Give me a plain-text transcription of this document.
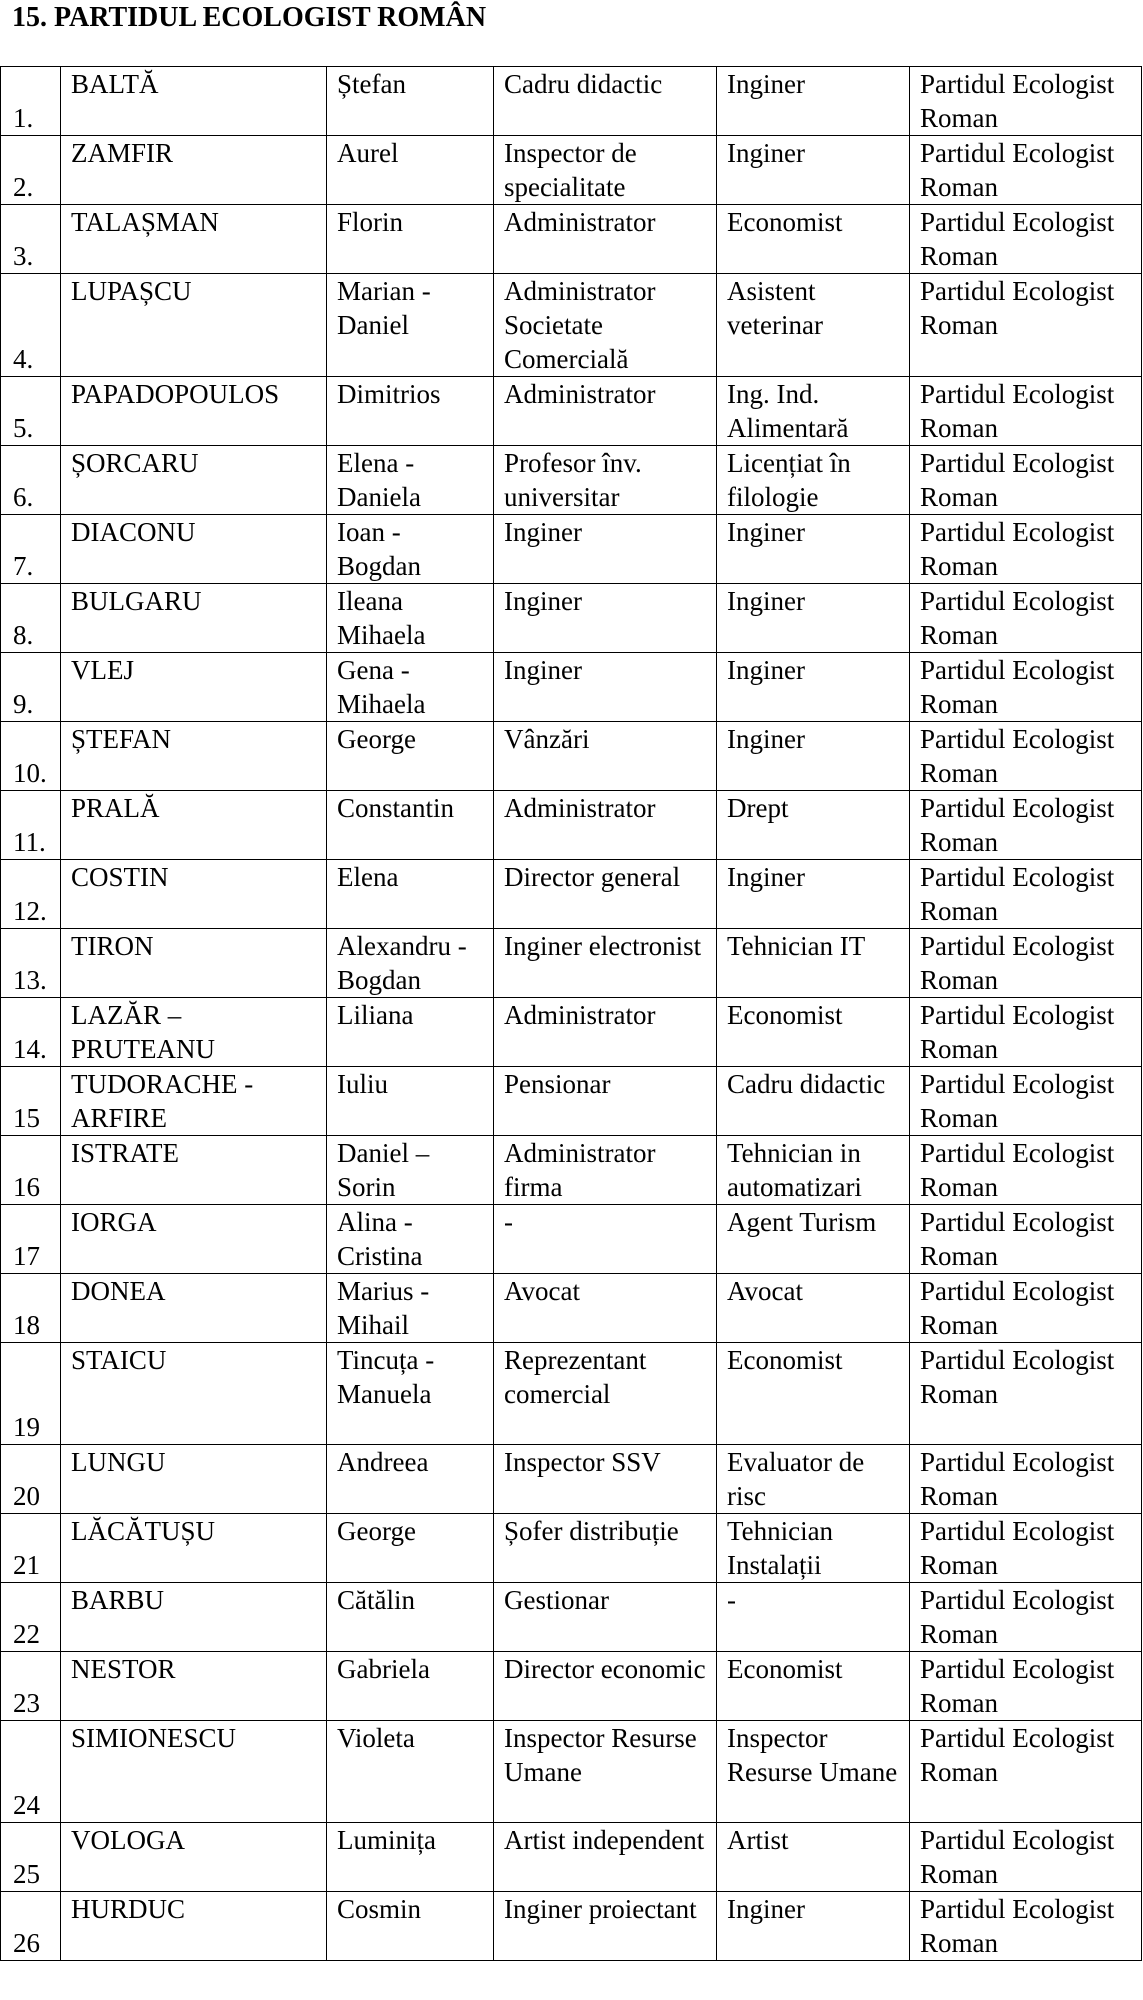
15. PARTIDUL ECOLOGIST ROMÂN
1.	BALTĂ	Ștefan	Cadru didactic	Inginer	Partidul Ecologist Roman
2.	ZAMFIR	Aurel	Inspector de specialitate	Inginer	Partidul Ecologist Roman
3.	TALAȘMAN	Florin	Administrator	Economist	Partidul Ecologist Roman
4.	LUPAȘCU	Marian - Daniel	Administrator Societate Comercială	Asistent veterinar	Partidul Ecologist Roman
5.	PAPADOPOULOS	Dimitrios	Administrator	Ing. Ind. Alimentară	Partidul Ecologist Roman
6.	ȘORCARU	Elena - Daniela	Profesor înv. universitar	Licențiat în filologie	Partidul Ecologist Roman
7.	DIACONU	Ioan - Bogdan	Inginer	Inginer	Partidul Ecologist Roman
8.	BULGARU	Ileana Mihaela	Inginer	Inginer	Partidul Ecologist Roman
9.	VLEJ	Gena - Mihaela	Inginer	Inginer	Partidul Ecologist Roman
10.	ȘTEFAN	George	Vânzări	Inginer	Partidul Ecologist Roman
11.	PRALĂ	Constantin	Administrator	Drept	Partidul Ecologist Roman
12.	COSTIN	Elena	Director general	Inginer	Partidul Ecologist Roman
13.	TIRON	Alexandru - Bogdan	Inginer electronist	Tehnician IT	Partidul Ecologist Roman
14.	LAZĂR – PRUTEANU	Liliana	Administrator	Economist	Partidul Ecologist Roman
15	TUDORACHE - ARFIRE	Iuliu	Pensionar	Cadru didactic	Partidul Ecologist Roman
16	ISTRATE	Daniel – Sorin	Administrator firma	Tehnician in automatizari	Partidul Ecologist Roman
17	IORGA	Alina - Cristina	-	Agent Turism	Partidul Ecologist Roman
18	DONEA	Marius - Mihail	Avocat	Avocat	Partidul Ecologist Roman
19	STAICU	Tincuța - Manuela	Reprezentant comercial	Economist	Partidul Ecologist Roman
20	LUNGU	Andreea	Inspector SSV	Evaluator de risc	Partidul Ecologist Roman
21	LĂCĂTUȘU	George	Șofer distribuție	Tehnician Instalații	Partidul Ecologist Roman
22	BARBU	Cătălin	Gestionar	-	Partidul Ecologist Roman
23	NESTOR	Gabriela	Director economic	Economist	Partidul Ecologist Roman
24	SIMIONESCU	Violeta	Inspector Resurse Umane	Inspector Resurse Umane	Partidul Ecologist Roman
25	VOLOGA	Luminița	Artist independent	Artist	Partidul Ecologist Roman
26	HURDUC	Cosmin	Inginer proiectant	Inginer	Partidul Ecologist Roman
